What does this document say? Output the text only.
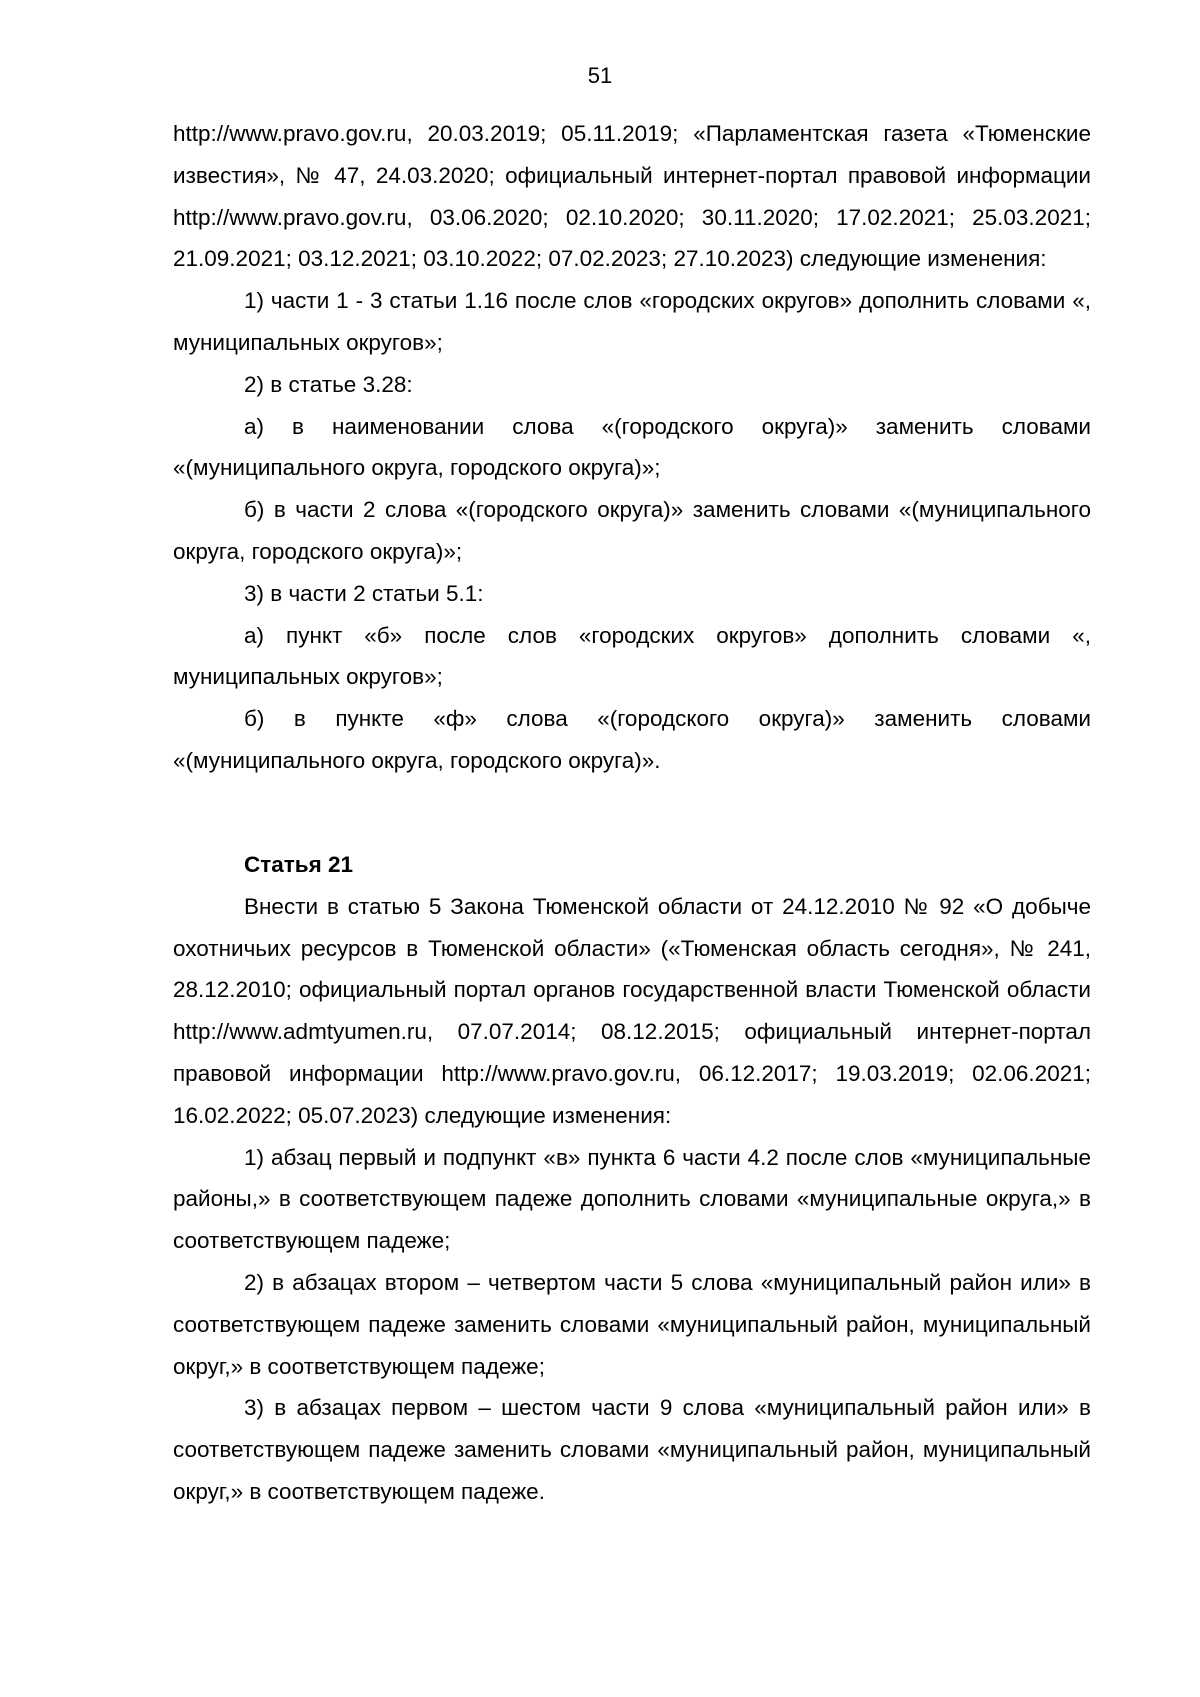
51

http://www.pravo.gov.ru, 20.03.2019; 05.11.2019; «Парламентская газета «Тюменские известия», № 47, 24.03.2020; официальный интернет-портал правовой информации http://www.pravo.gov.ru, 03.06.2020; 02.10.2020; 30.11.2020; 17.02.2021; 25.03.2021; 21.09.2021; 03.12.2021; 03.10.2022; 07.02.2023; 27.10.2023) следующие изменения:

1) части 1 - 3 статьи 1.16 после слов «городских округов» дополнить словами «, муниципальных округов»;

2) в статье 3.28:

а) в наименовании слова «(городского округа)» заменить словами «(муниципального округа, городского округа)»;

б) в части 2 слова «(городского округа)» заменить словами «(муниципального округа, городского округа)»;

3) в части 2 статьи 5.1:

а) пункт «б» после слов «городских округов» дополнить словами «, муниципальных округов»;

б) в пункте «ф» слова «(городского округа)» заменить словами «(муниципального округа, городского округа)».

Статья 21

Внести в статью 5 Закона Тюменской области от 24.12.2010 № 92 «О добыче охотничьих ресурсов в Тюменской области» («Тюменская область сегодня», № 241, 28.12.2010; официальный портал органов государственной власти Тюменской области http://www.admtyumen.ru, 07.07.2014; 08.12.2015; официальный интернет-портал правовой информации http://www.pravo.gov.ru, 06.12.2017; 19.03.2019; 02.06.2021; 16.02.2022; 05.07.2023) следующие изменения:

1) абзац первый и подпункт «в» пункта 6 части 4.2 после слов «муниципальные районы,» в соответствующем падеже дополнить словами «муниципальные округа,» в соответствующем падеже;

2) в абзацах втором – четвертом части 5 слова «муниципальный район или» в соответствующем падеже заменить словами «муниципальный район, муниципальный округ,» в соответствующем падеже;

3) в абзацах первом – шестом части 9 слова «муниципальный район или» в соответствующем падеже заменить словами «муниципальный район, муниципальный округ,» в соответствующем падеже.
